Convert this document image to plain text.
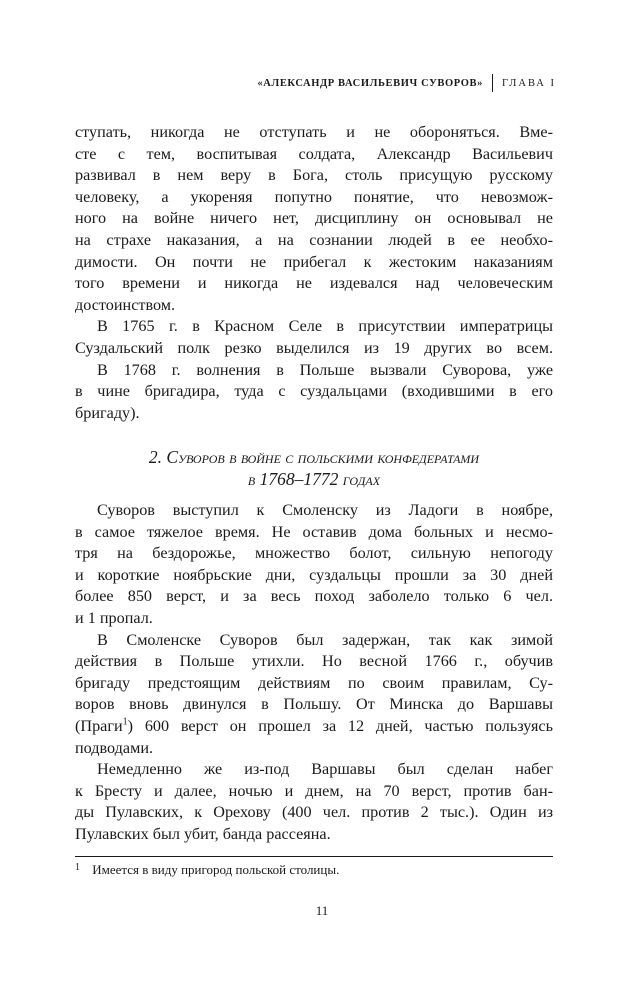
«АЛЕКСАНДР ВАСИЛЬЕВИЧ СУВОРОВ» ГЛАВА I
ступать, никогда не отступать и не обороняться. Вме-
сте с тем, воспитывая солдата, Александр Васильевич
развивал в нем веру в Бога, столь присущую русскому
человеку, а укореняя попутно понятие, что невозмож-
ного на войне ничего нет, дисциплину он основывал не
на страхе наказания, а на сознании людей в ее необхо-
димости. Он почти не прибегал к жестоким наказаниям
того времени и никогда не издевался над человеческим
достоинством.
В 1765 г. в Красном Селе в присутствии императрицы
Суздальский полк резко выделился из 19 других во всем.
В 1768 г. волнения в Польше вызвали Суворова, уже
в чине бригадира, туда с суздальцами (входившими в его
бригаду).
2. Суворов в войне с польскими конфедератами
в 1768–1772 годах
Суворов выступил к Смоленску из Ладоги в ноябре,
в самое тяжелое время. Не оставив дома больных и несмо-
тря на бездорожье, множество болот, сильную непогоду
и короткие ноябрьские дни, суздальцы прошли за 30 дней
более 850 верст, и за весь поход заболело только 6 чел.
и 1 пропал.
В Смоленске Суворов был задержан, так как зимой
действия в Польше утихли. Но весной 1766 г., обучив
бригаду предстоящим действиям по своим правилам, Су-
воров вновь двинулся в Польшу. От Минска до Варшавы
(Праги$^1$) 600 верст он прошел за 12 дней, частью пользуясь
подводами.
Немедленно же из-под Варшавы был сделан набег
к Бресту и далее, ночью и днем, на 70 верст, против бан-
ды Пулавских, к Орехову (400 чел. против 2 тыс.). Один из
Пулавских был убит, банда рассеяна.
1 Имеется в виду пригород польской столицы.
11
